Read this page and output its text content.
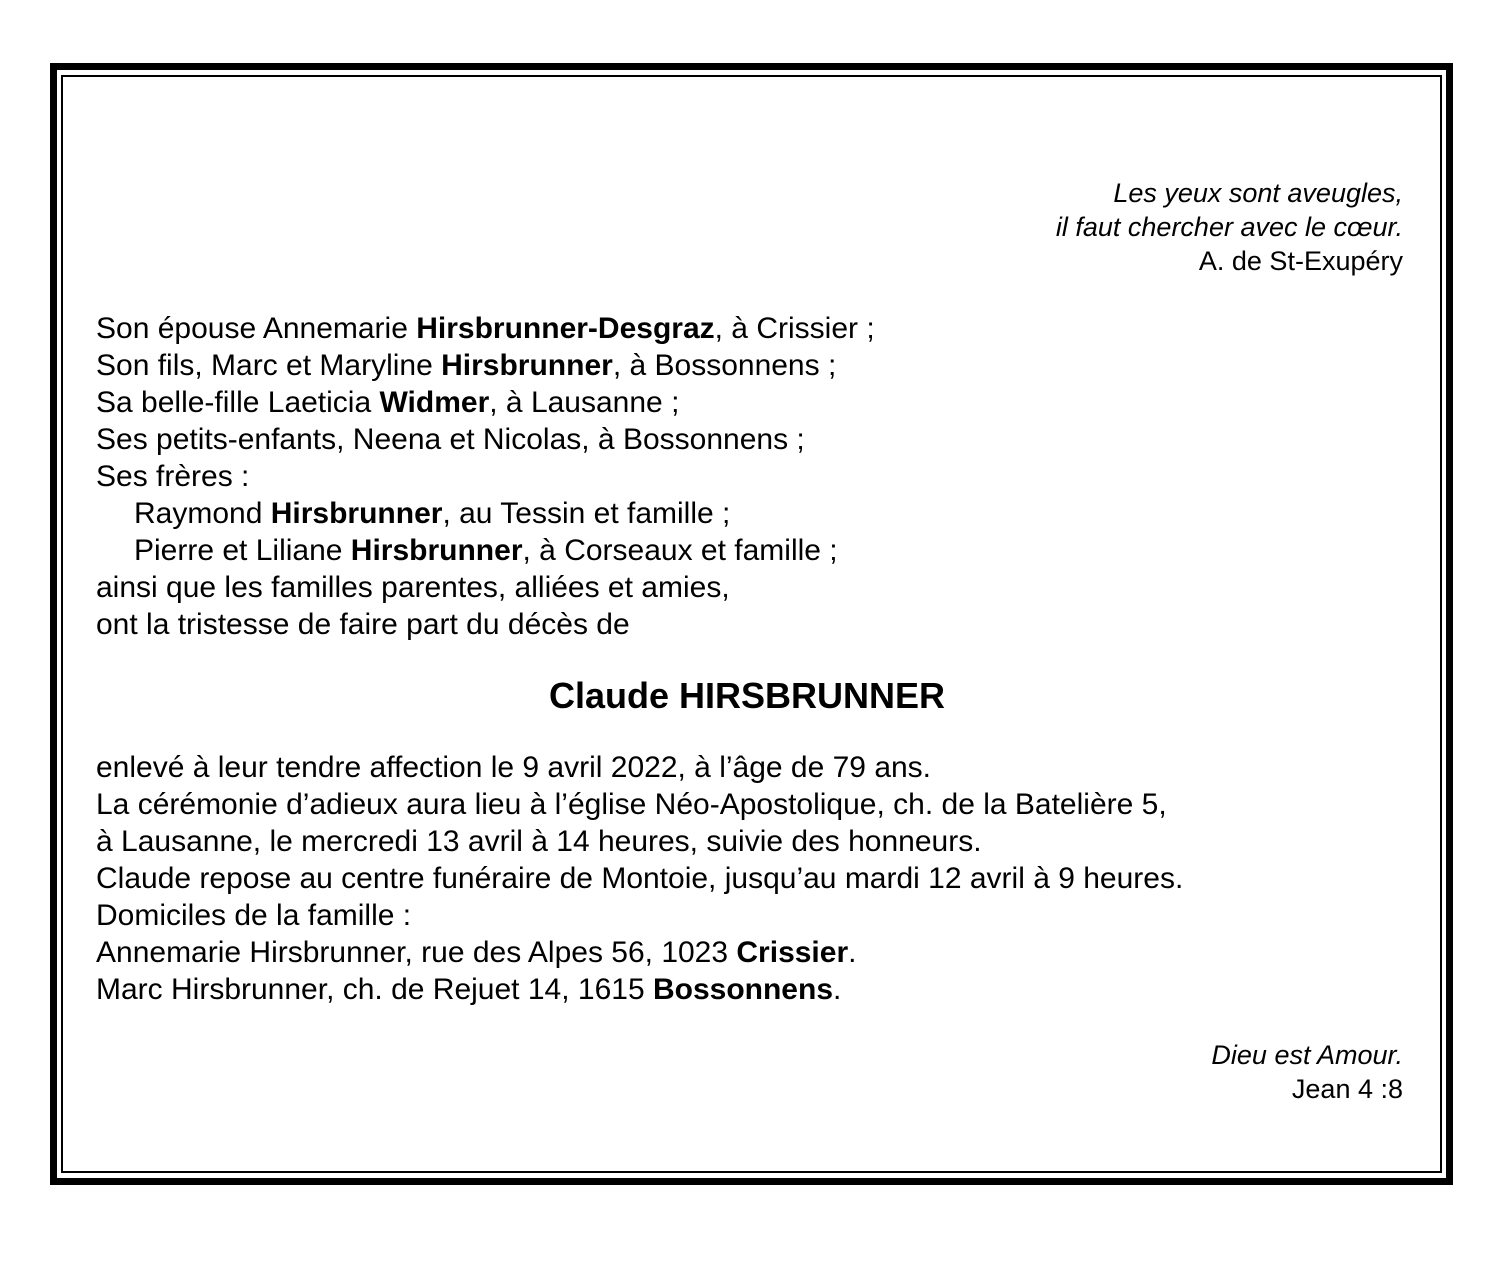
Les yeux sont aveugles,
il faut chercher avec le cœur.
A. de St-Exupéry
Son épouse Annemarie Hirsbrunner-Desgraz, à Crissier ;
Son fils, Marc et Maryline Hirsbrunner, à Bossonnens ;
Sa belle-fille Laeticia Widmer, à Lausanne ;
Ses petits-enfants, Neena et Nicolas, à Bossonnens ;
Ses frères :
Raymond Hirsbrunner, au Tessin et famille ;
Pierre et Liliane Hirsbrunner, à Corseaux et famille ;
ainsi que les familles parentes, alliées et amies,
ont la tristesse de faire part du décès de
Claude HIRSBRUNNER
enlevé à leur tendre affection le 9 avril 2022, à l’âge de 79 ans.
La cérémonie d’adieux aura lieu à l’église Néo-Apostolique, ch. de la Batelière 5,
à Lausanne, le mercredi 13 avril à 14 heures, suivie des honneurs.
Claude repose au centre funéraire de Montoie, jusqu’au mardi 12 avril à 9 heures.
Domiciles de la famille :
Annemarie Hirsbrunner, rue des Alpes 56, 1023 Crissier.
Marc Hirsbrunner, ch. de Rejuet 14, 1615 Bossonnens.
Dieu est Amour.
Jean 4 :8
